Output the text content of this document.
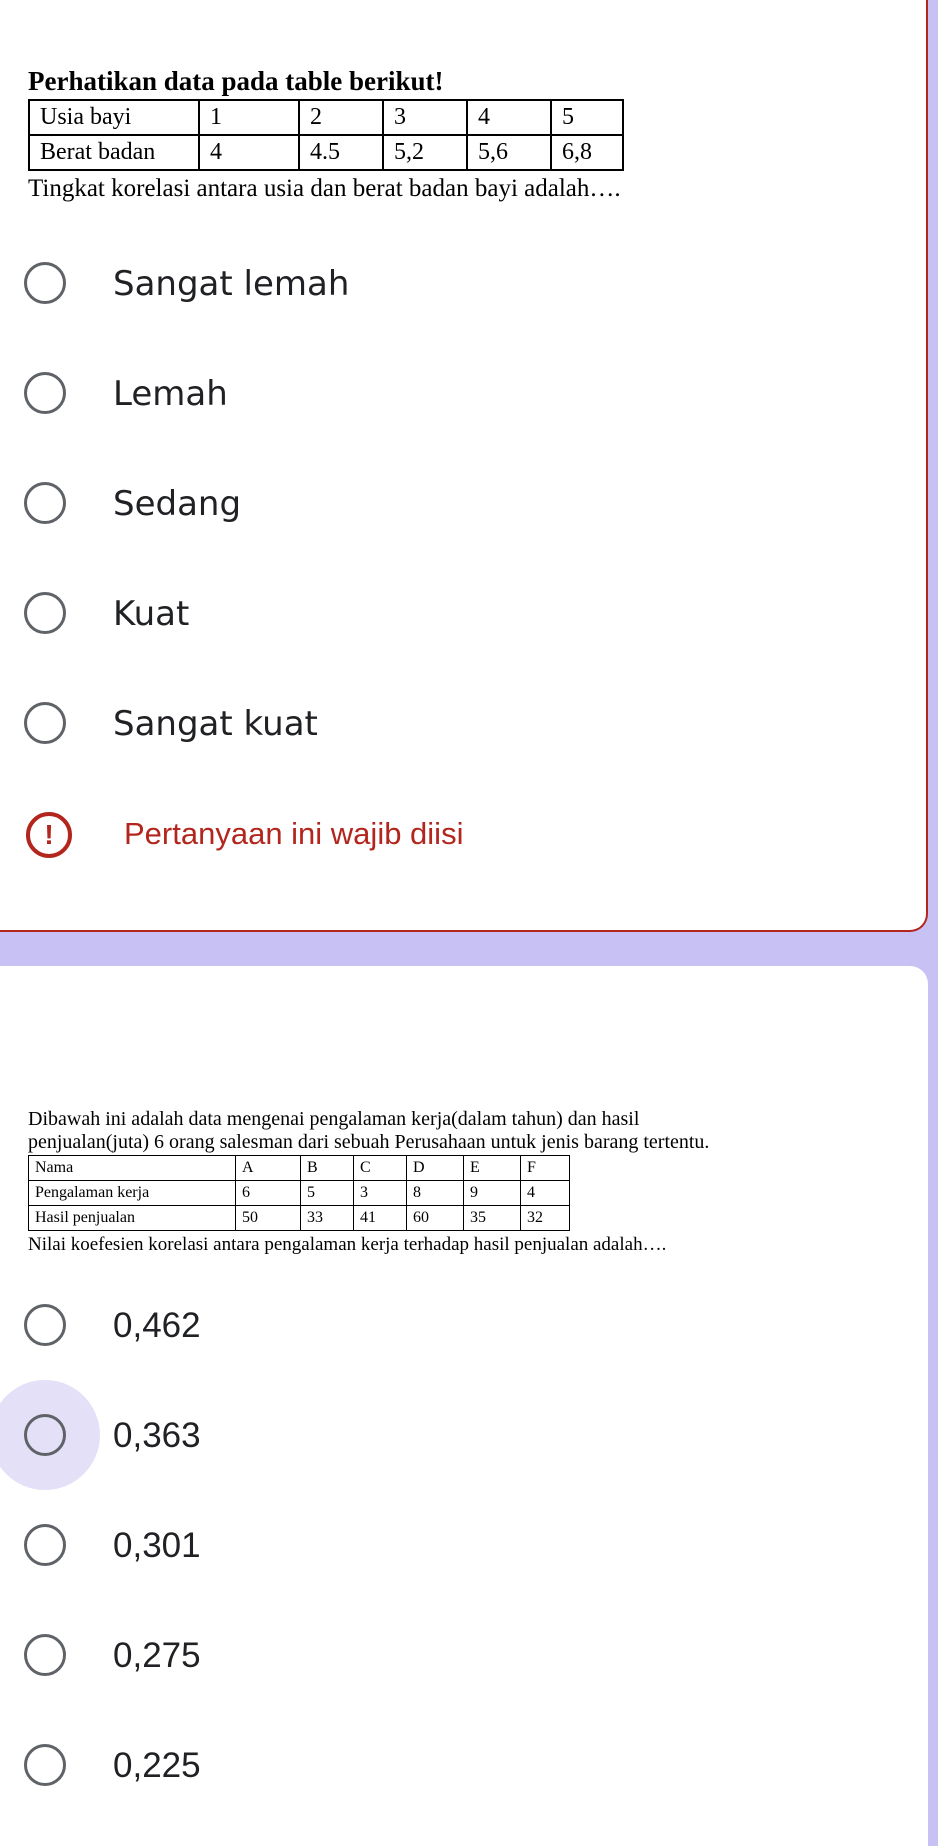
Perhatikan data pada table berikut!
Usia bayi	1	2	3	4	5
Berat badan	4	4.5	5,2	5,6	6,8
Tingkat korelasi antara usia dan berat badan bayi adalah….
Sangat lemah
Lemah
Sedang
Kuat
Sangat kuat
!	Pertanyaan ini wajib diisi
Dibawah ini adalah data mengenai pengalaman kerja(dalam tahun) dan hasil
penjualan(juta) 6 orang salesman dari sebuah Perusahaan untuk jenis barang tertentu.
Nama	A	B	C	D	E	F
Pengalaman kerja	6	5	3	8	9	4
Hasil penjualan	50	33	41	60	35	32
Nilai koefesien korelasi antara pengalaman kerja terhadap hasil penjualan adalah….
0,462
0,363
0,301
0,275
0,225
